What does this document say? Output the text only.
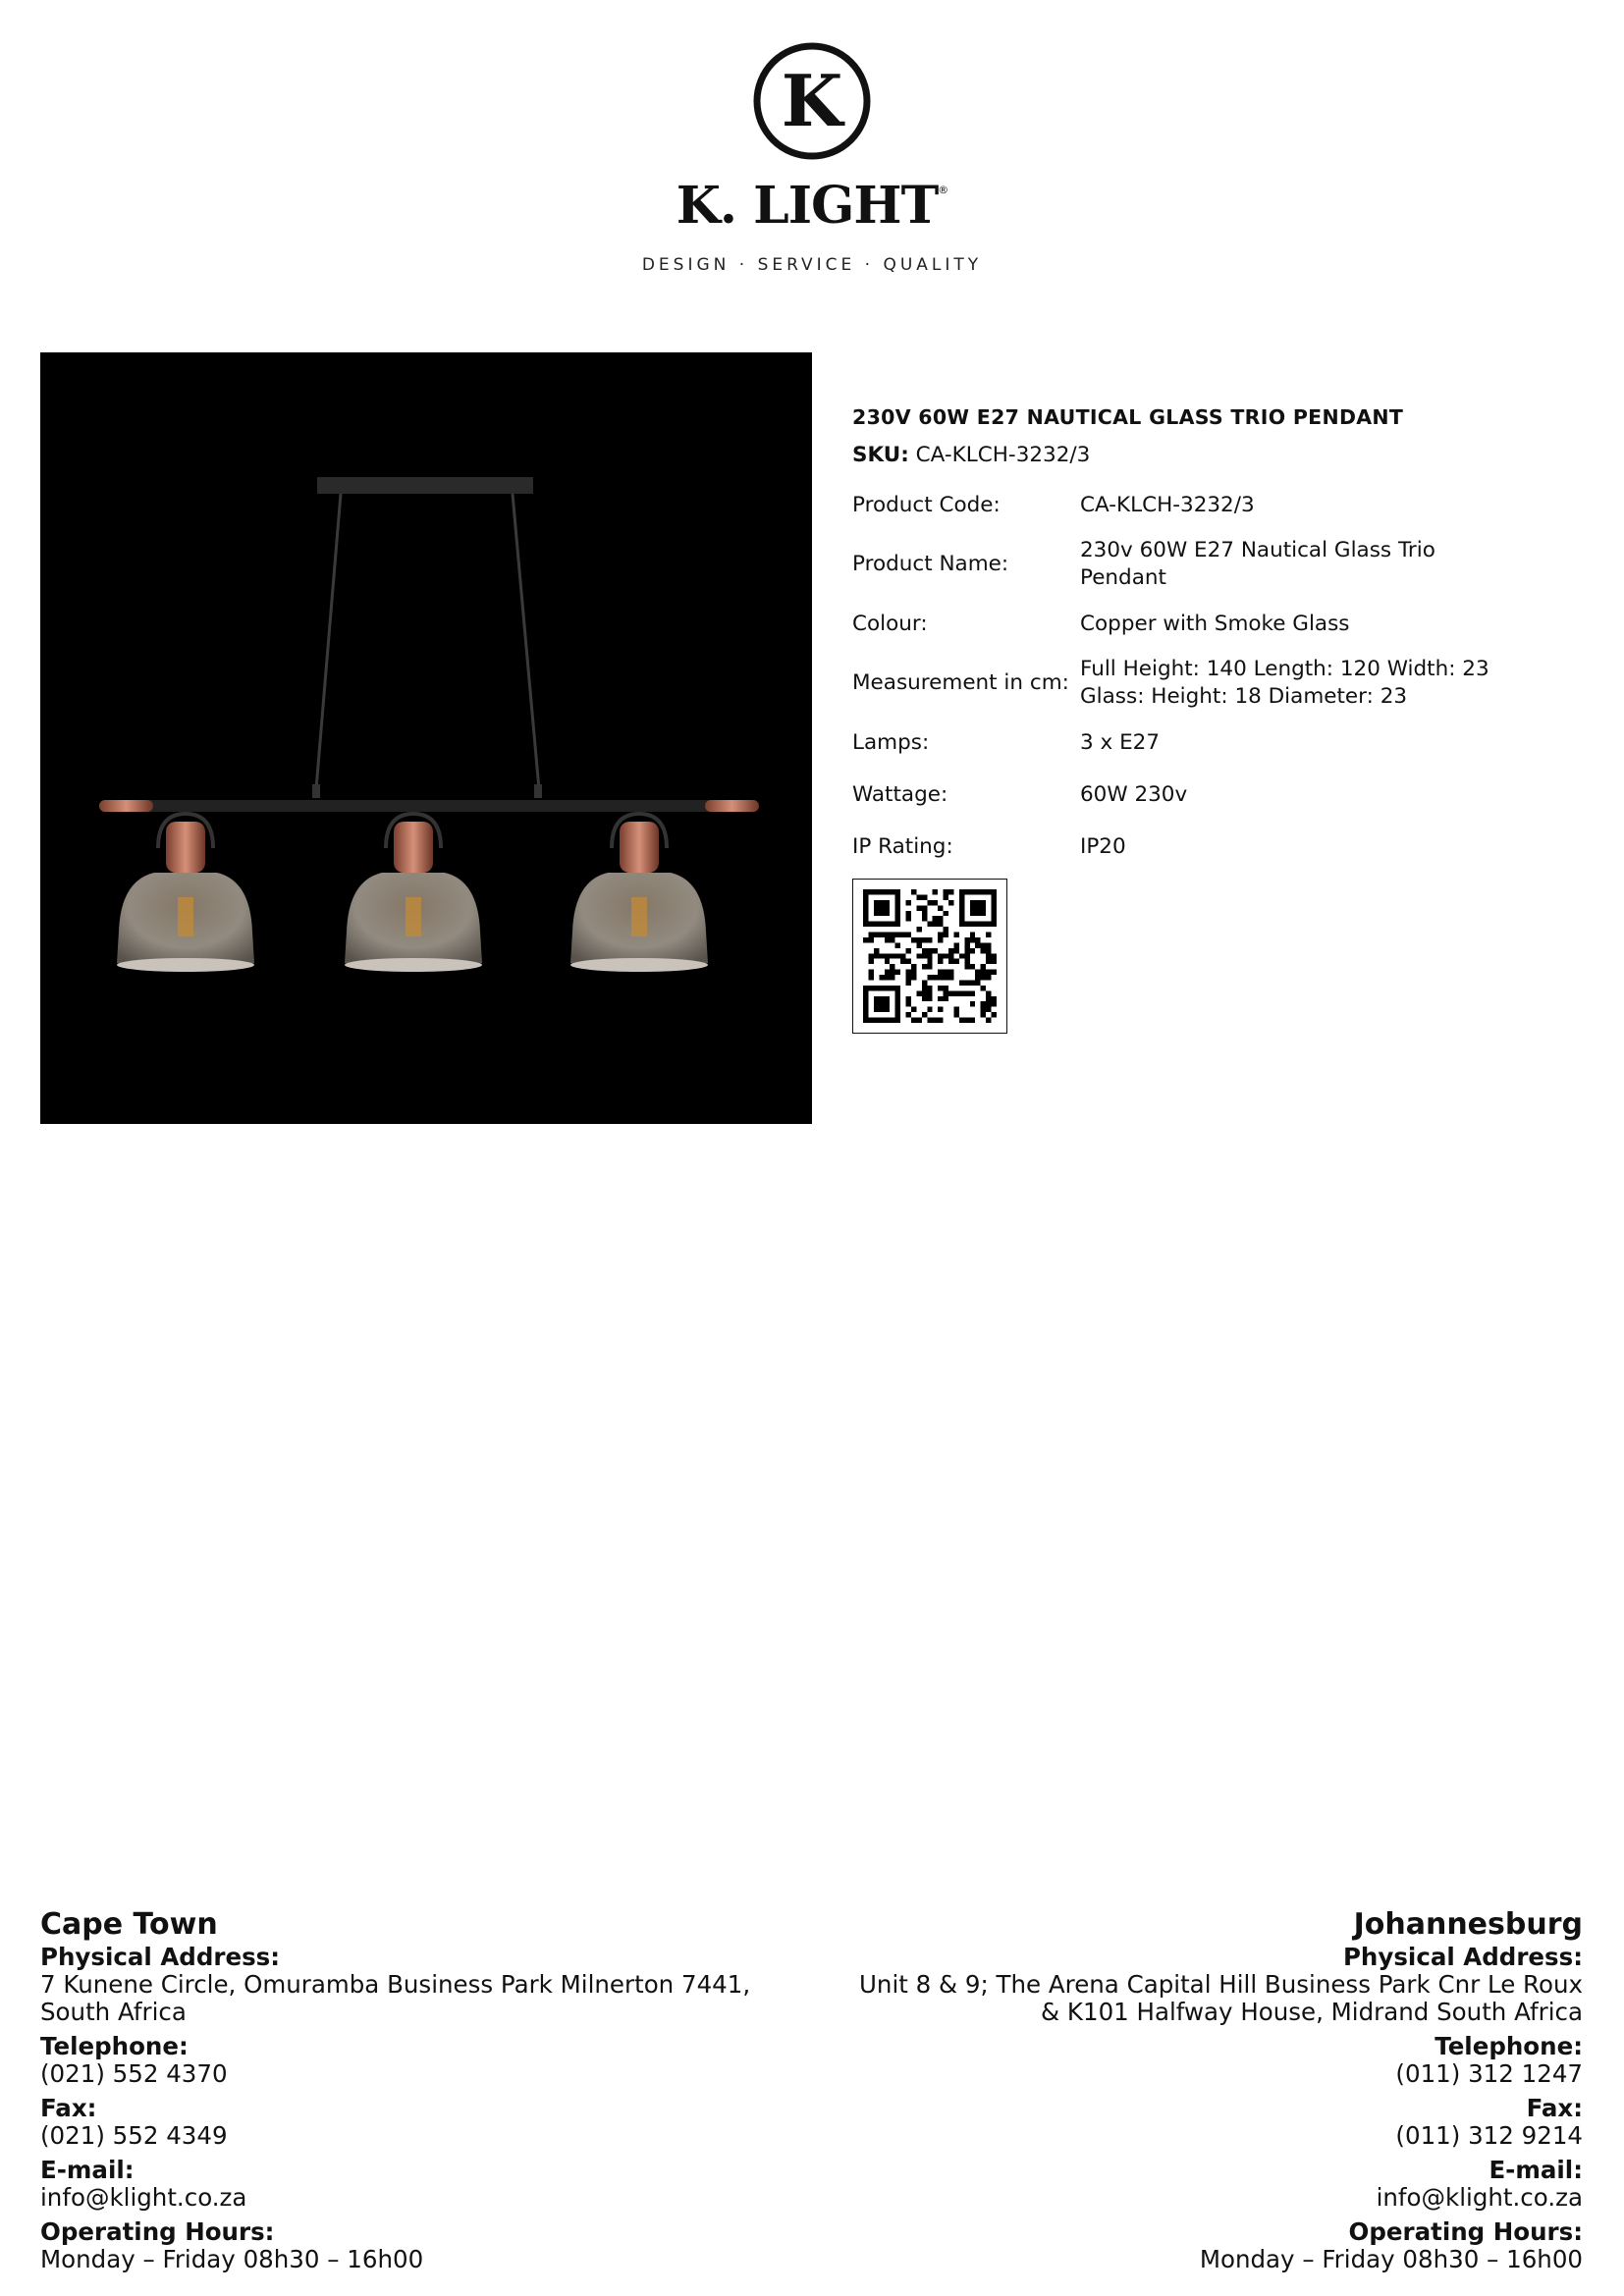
K
K. LIGHT®
DESIGN · SERVICE · QUALITY
230V 60W E27 NAUTICAL GLASS TRIO PENDANT
SKU: CA-KLCH-3232/3
Product Code:	CA-KLCH-3232/3
Product Name:	230v 60W E27 Nautical Glass Trio Pendant
Colour:	Copper with Smoke Glass
Measurement in cm:	Full Height: 140 Length: 120 Width: 23
Glass: Height: 18 Diameter: 23

Lamps:	3 x E27
Wattage:	60W 230v
IP Rating:	IP20
Cape Town
Physical Address:
7 Kunene Circle, Omuramba Business Park Milnerton 7441,
South Africa
Telephone:
(021) 552 4370
Fax:
(021) 552 4349
E-mail:
info@klight.co.za
Operating Hours:
Monday – Friday 08h30 – 16h00
Johannesburg
Physical Address:
Unit 8 & 9; The Arena Capital Hill Business Park Cnr Le Roux
& K101 Halfway House, Midrand South Africa
Telephone:
(011) 312 1247
Fax:
(011) 312 9214
E-mail:
info@klight.co.za
Operating Hours:
Monday – Friday 08h30 – 16h00
